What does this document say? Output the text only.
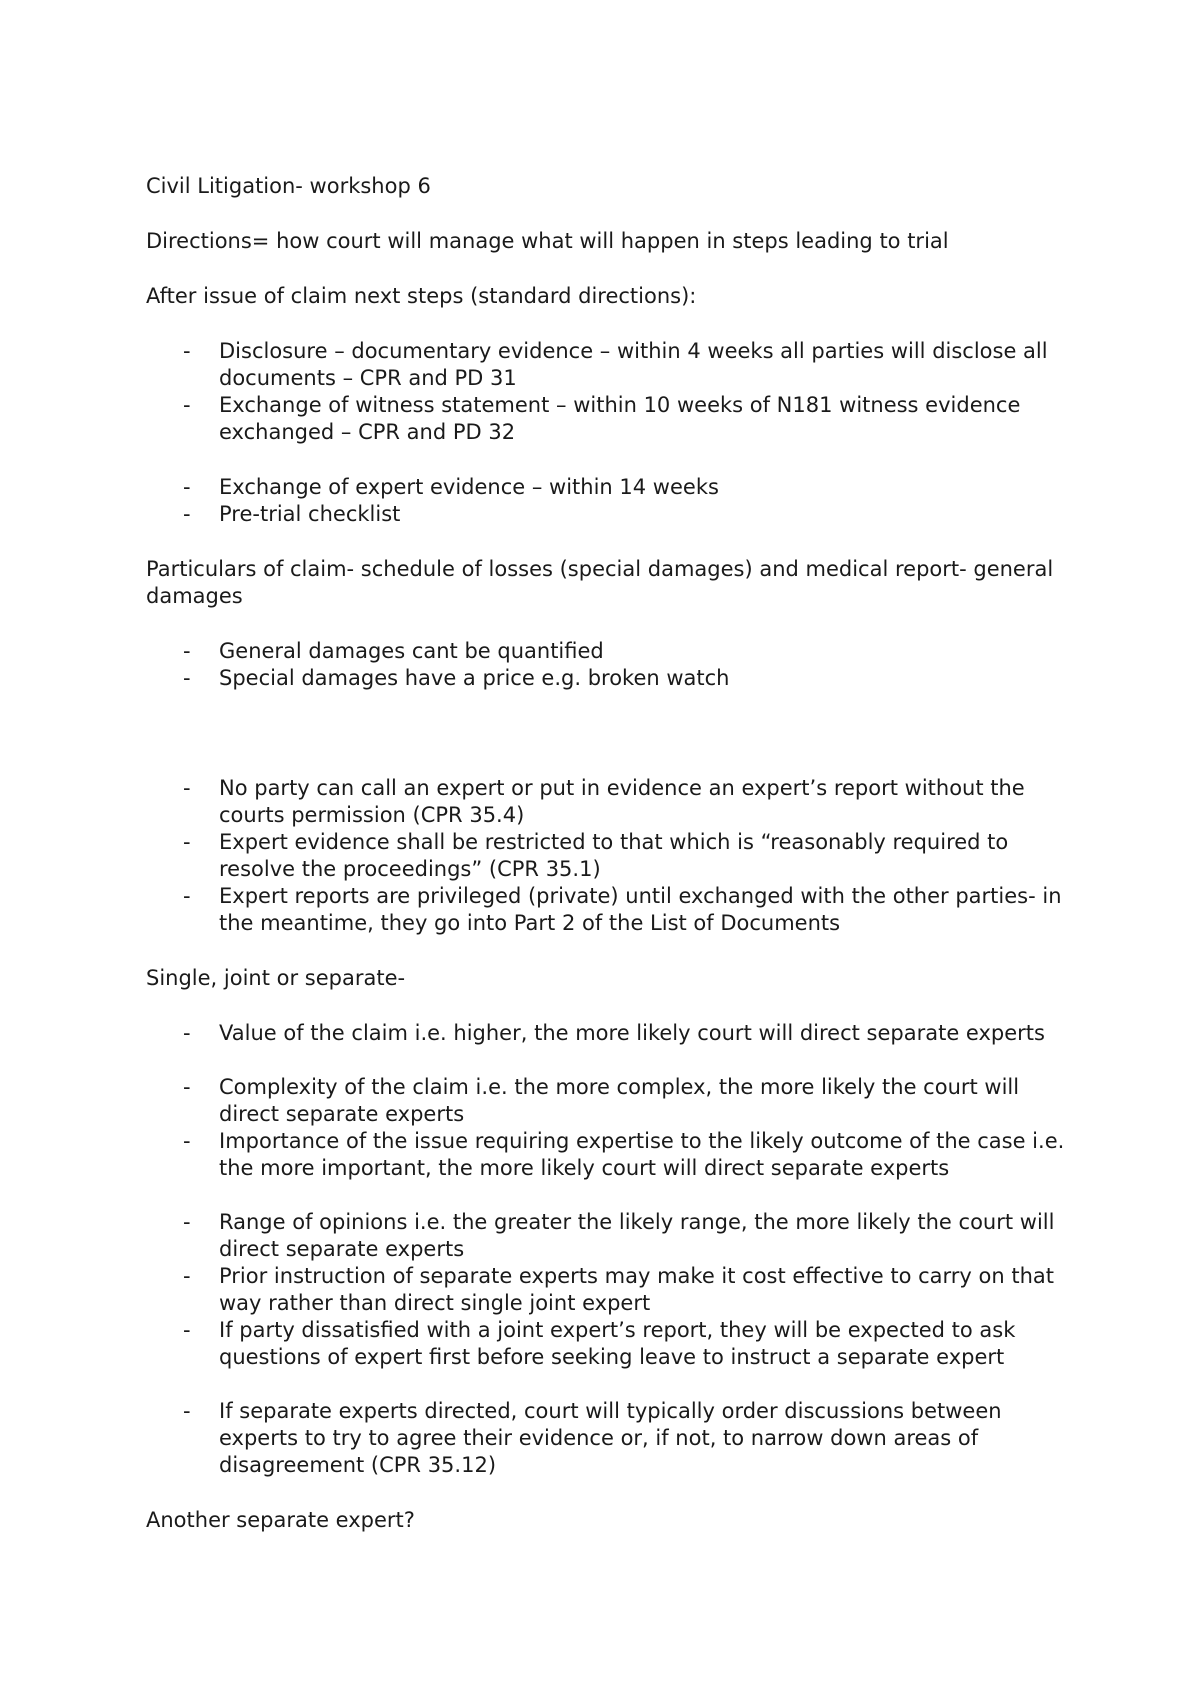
Civil Litigation- workshop 6

Directions= how court will manage what will happen in steps leading to trial

After issue of claim next steps (standard directions):

- Disclosure – documentary evidence – within 4 weeks all parties will disclose all documents – CPR and PD 31
- Exchange of witness statement – within 10 weeks of N181 witness evidence exchanged – CPR and PD 32
- Exchange of expert evidence – within 14 weeks
- Pre-trial checklist

Particulars of claim- schedule of losses (special damages) and medical report- general damages

- General damages cant be quantified
- Special damages have a price e.g. broken watch
- No party can call an expert or put in evidence an expert’s report without the courts permission (CPR 35.4)
- Expert evidence shall be restricted to that which is “reasonably required to resolve the proceedings” (CPR 35.1)
- Expert reports are privileged (private) until exchanged with the other parties- in the meantime, they go into Part 2 of the List of Documents

Single, joint or separate-

- Value of the claim i.e. higher, the more likely court will direct separate experts
- Complexity of the claim i.e. the more complex, the more likely the court will direct separate experts
- Importance of the issue requiring expertise to the likely outcome of the case i.e. the more important, the more likely court will direct separate experts
- Range of opinions i.e. the greater the likely range, the more likely the court will direct separate experts
- Prior instruction of separate experts may make it cost effective to carry on that way rather than direct single joint expert
- If party dissatisfied with a joint expert’s report, they will be expected to ask questions of expert first before seeking leave to instruct a separate expert
- If separate experts directed, court will typically order discussions between experts to try to agree their evidence or, if not, to narrow down areas of disagreement (CPR 35.12)

Another separate expert?
